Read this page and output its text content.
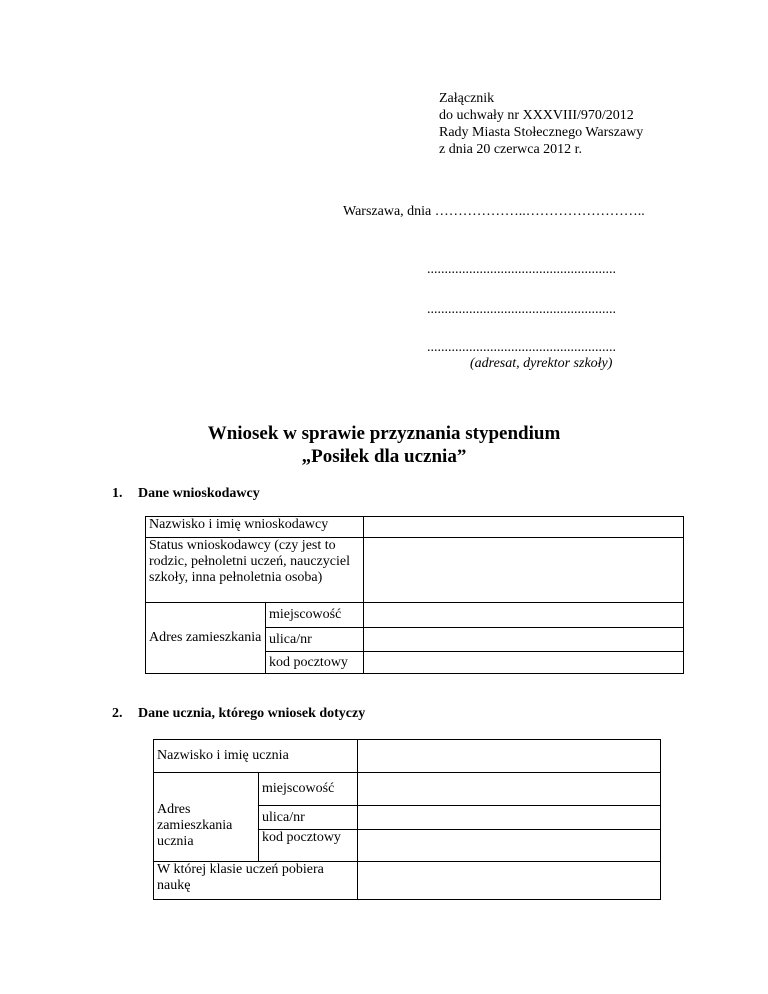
Załącznik
do uchwały nr XXXVIII/970/2012
Rady Miasta Stołecznego Warszawy
z dnia 20 czerwca 2012 r.
Warszawa, dnia ………………..……………………..
......................................................
......................................................
......................................................
(adresat, dyrektor szkoły)
Wniosek w sprawie przyznania stypendium
„Posiłek dla ucznia”
1. Dane wnioskodawcy
Nazwisko i imię wnioskodawcy		
Status wnioskodawcy (czy jest to rodzic, pełnoletni uczeń, nauczyciel szkoły, inna pełnoletnia osoba)		
Adres zamieszkania	miejscowość	
	ulica/nr	
	kod pocztowy	
2. Dane ucznia, którego wniosek dotyczy
Nazwisko i imię ucznia		
Adres zamieszkania ucznia	miejscowość	
	ulica/nr	
	kod pocztowy	
W której klasie uczeń pobiera naukę		
